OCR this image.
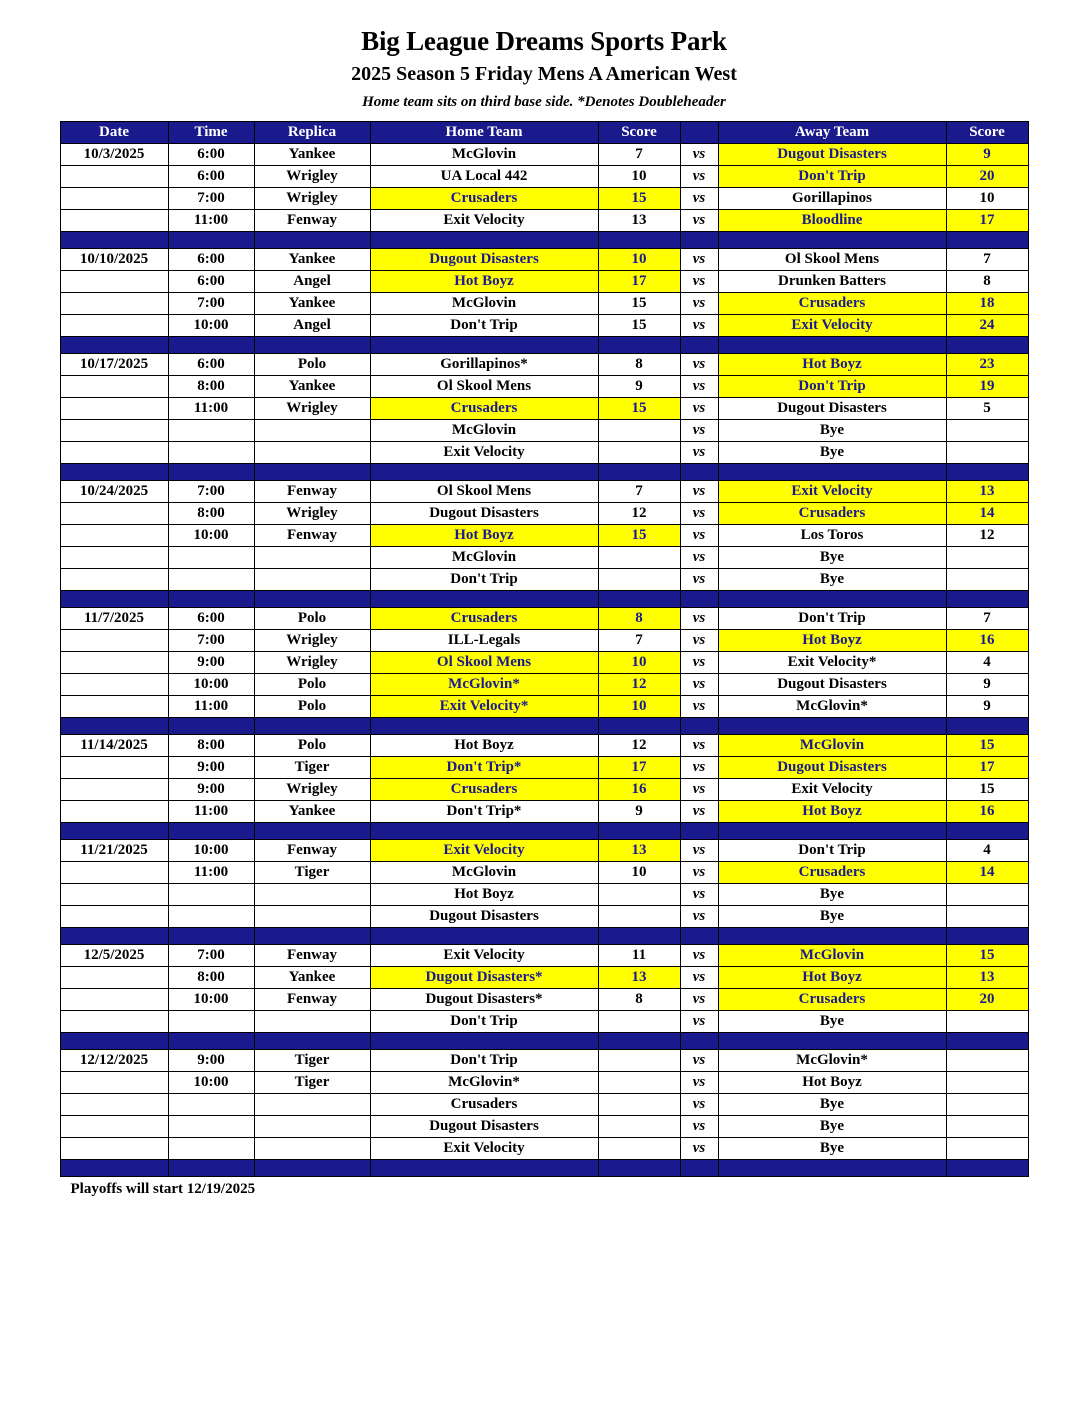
Big League Dreams Sports Park
2025 Season 5 Friday Mens A American West
Home team sits on third base side. *Denotes Doubleheader
Date	Time	Replica	Home Team	Score		Away Team	Score
10/3/2025	6:00	Yankee	McGlovin	7	vs	Dugout Disasters	9
	6:00	Wrigley	UA Local 442	10	vs	Don't Trip	20
	7:00	Wrigley	Crusaders	15	vs	Gorillapinos	10
	11:00	Fenway	Exit Velocity	13	vs	Bloodline	17

10/10/2025	6:00	Yankee	Dugout Disasters	10	vs	Ol Skool Mens	7
	6:00	Angel	Hot Boyz	17	vs	Drunken Batters	8
	7:00	Yankee	McGlovin	15	vs	Crusaders	18
	10:00	Angel	Don't Trip	15	vs	Exit Velocity	24

10/17/2025	6:00	Polo	Gorillapinos*	8	vs	Hot Boyz	23
	8:00	Yankee	Ol Skool Mens	9	vs	Don't Trip	19
	11:00	Wrigley	Crusaders	15	vs	Dugout Disasters	5
			McGlovin		vs	Bye	
			Exit Velocity		vs	Bye	

10/24/2025	7:00	Fenway	Ol Skool Mens	7	vs	Exit Velocity	13
	8:00	Wrigley	Dugout Disasters	12	vs	Crusaders	14
	10:00	Fenway	Hot Boyz	15	vs	Los Toros	12
			McGlovin		vs	Bye	
			Don't Trip		vs	Bye	

11/7/2025	6:00	Polo	Crusaders	8	vs	Don't Trip	7
	7:00	Wrigley	ILL-Legals	7	vs	Hot Boyz	16
	9:00	Wrigley	Ol Skool Mens	10	vs	Exit Velocity*	4
	10:00	Polo	McGlovin*	12	vs	Dugout Disasters	9
	11:00	Polo	Exit Velocity*	10	vs	McGlovin*	9

11/14/2025	8:00	Polo	Hot Boyz	12	vs	McGlovin	15
	9:00	Tiger	Don't Trip*	17	vs	Dugout Disasters	17
	9:00	Wrigley	Crusaders	16	vs	Exit Velocity	15
	11:00	Yankee	Don't Trip*	9	vs	Hot Boyz	16

11/21/2025	10:00	Fenway	Exit Velocity	13	vs	Don't Trip	4
	11:00	Tiger	McGlovin	10	vs	Crusaders	14
			Hot Boyz		vs	Bye	
			Dugout Disasters		vs	Bye	

12/5/2025	7:00	Fenway	Exit Velocity	11	vs	McGlovin	15
	8:00	Yankee	Dugout Disasters*	13	vs	Hot Boyz	13
	10:00	Fenway	Dugout Disasters*	8	vs	Crusaders	20
			Don't Trip		vs	Bye	

12/12/2025	9:00	Tiger	Don't Trip		vs	McGlovin*	
	10:00	Tiger	McGlovin*		vs	Hot Boyz	
			Crusaders		vs	Bye	
			Dugout Disasters		vs	Bye	
			Exit Velocity		vs	Bye	

Playoffs will start 12/19/2025
